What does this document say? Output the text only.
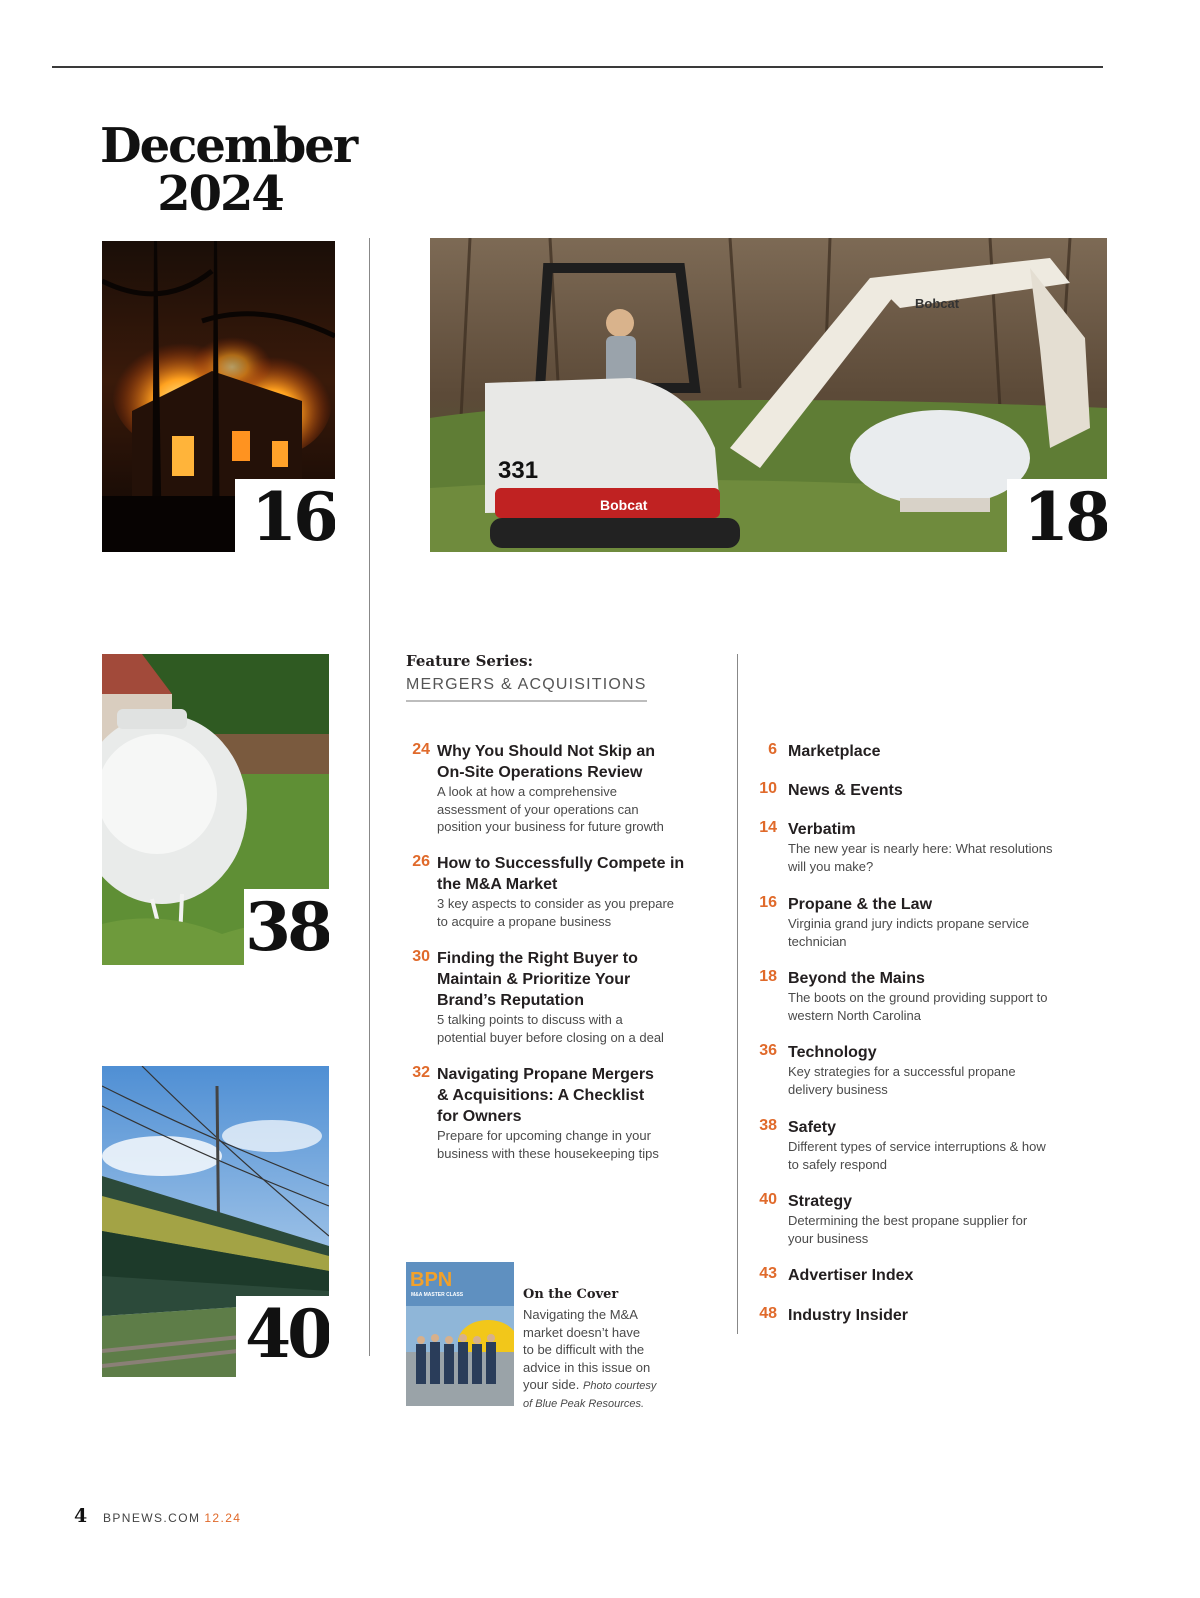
December
2024
16
331
Bobcat
Bobcat
18
38
40
Feature Series:
MERGERS & ACQUISITIONS
24 Why You Should Not Skip an
On-Site Operations Review
A look at how a comprehensive
assessment of your operations can
position your business for future growth
26 How to Successfully Compete in
the M&A Market
3 key aspects to consider as you prepare
to acquire a propane business
30 Finding the Right Buyer to
Maintain & Prioritize Your
Brand’s Reputation
5 talking points to discuss with a
potential buyer before closing on a deal
32 Navigating Propane Mergers
& Acquisitions: A Checklist
for Owners
Prepare for upcoming change in your
business with these housekeeping tips
6 Marketplace
10 News & Events
14 Verbatim
The new year is nearly here: What resolutions
will you make?
16 Propane & the Law
Virginia grand jury indicts propane service
technician
18 Beyond the Mains
The boots on the ground providing support to
western North Carolina
36 Technology
Key strategies for a successful propane
delivery business
38 Safety
Different types of service interruptions & how
to safely respond
40 Strategy
Determining the best propane supplier for
your business
43 Advertiser Index
48 Industry Insider
BPN
M&A MASTER CLASS	On the Cover
Navigating the M&A
market doesn’t have
to be difficult with the
advice in this issue on
your side. Photo courtesy
of Blue Peak Resources.
4 BPNEWS.COM 12.24
